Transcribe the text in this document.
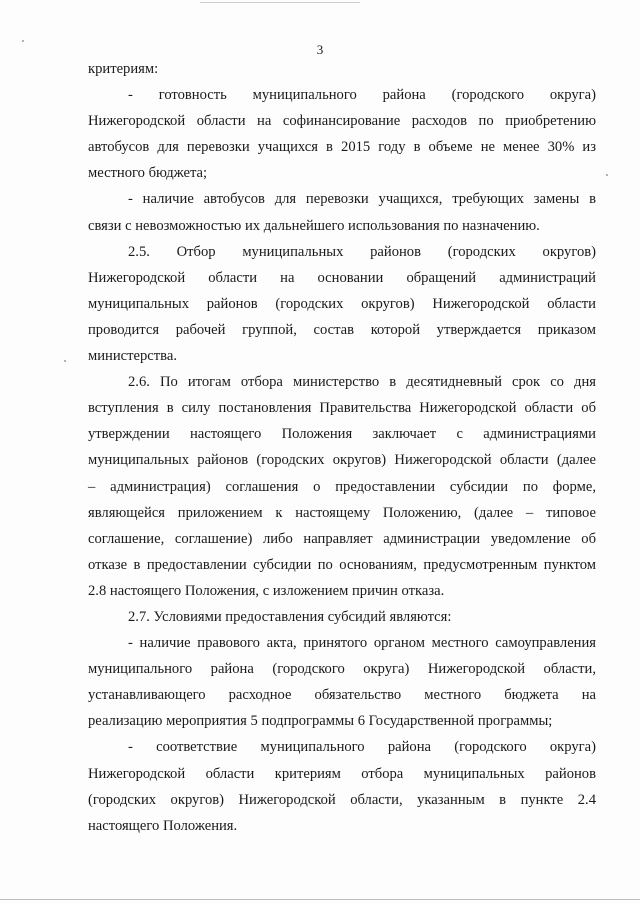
3
критериям:
- готовность муниципального района (городского округа)
Нижегородской области на софинансирование расходов по приобретению
автобусов для перевозки учащихся в 2015 году в объеме не менее 30% из
местного бюджета;
- наличие автобусов для перевозки учащихся, требующих замены в
связи с невозможностью их дальнейшего использования по назначению.
2.5. Отбор муниципальных районов (городских округов)
Нижегородской области на основании обращений администраций
муниципальных районов (городских округов) Нижегородской области
проводится рабочей группой, состав которой утверждается приказом
министерства.
2.6. По итогам отбора министерство в десятидневный срок со дня
вступления в силу постановления Правительства Нижегородской области об
утверждении настоящего Положения заключает с администрациями
муниципальных районов (городских округов) Нижегородской области (далее
– администрация) соглашения о предоставлении субсидии по форме,
являющейся приложением к настоящему Положению, (далее – типовое
соглашение, соглашение) либо направляет администрации уведомление об
отказе в предоставлении субсидии по основаниям, предусмотренным пунктом
2.8 настоящего Положения, с изложением причин отказа.
2.7. Условиями предоставления субсидий являются:
- наличие правового акта, принятого органом местного самоуправления
муниципального района (городского округа) Нижегородской области,
устанавливающего расходное обязательство местного бюджета на
реализацию мероприятия 5 подпрограммы 6 Государственной программы;
- соответствие муниципального района (городского округа)
Нижегородской области критериям отбора муниципальных районов
(городских округов) Нижегородской области, указанным в пункте 2.4
настоящего Положения.
